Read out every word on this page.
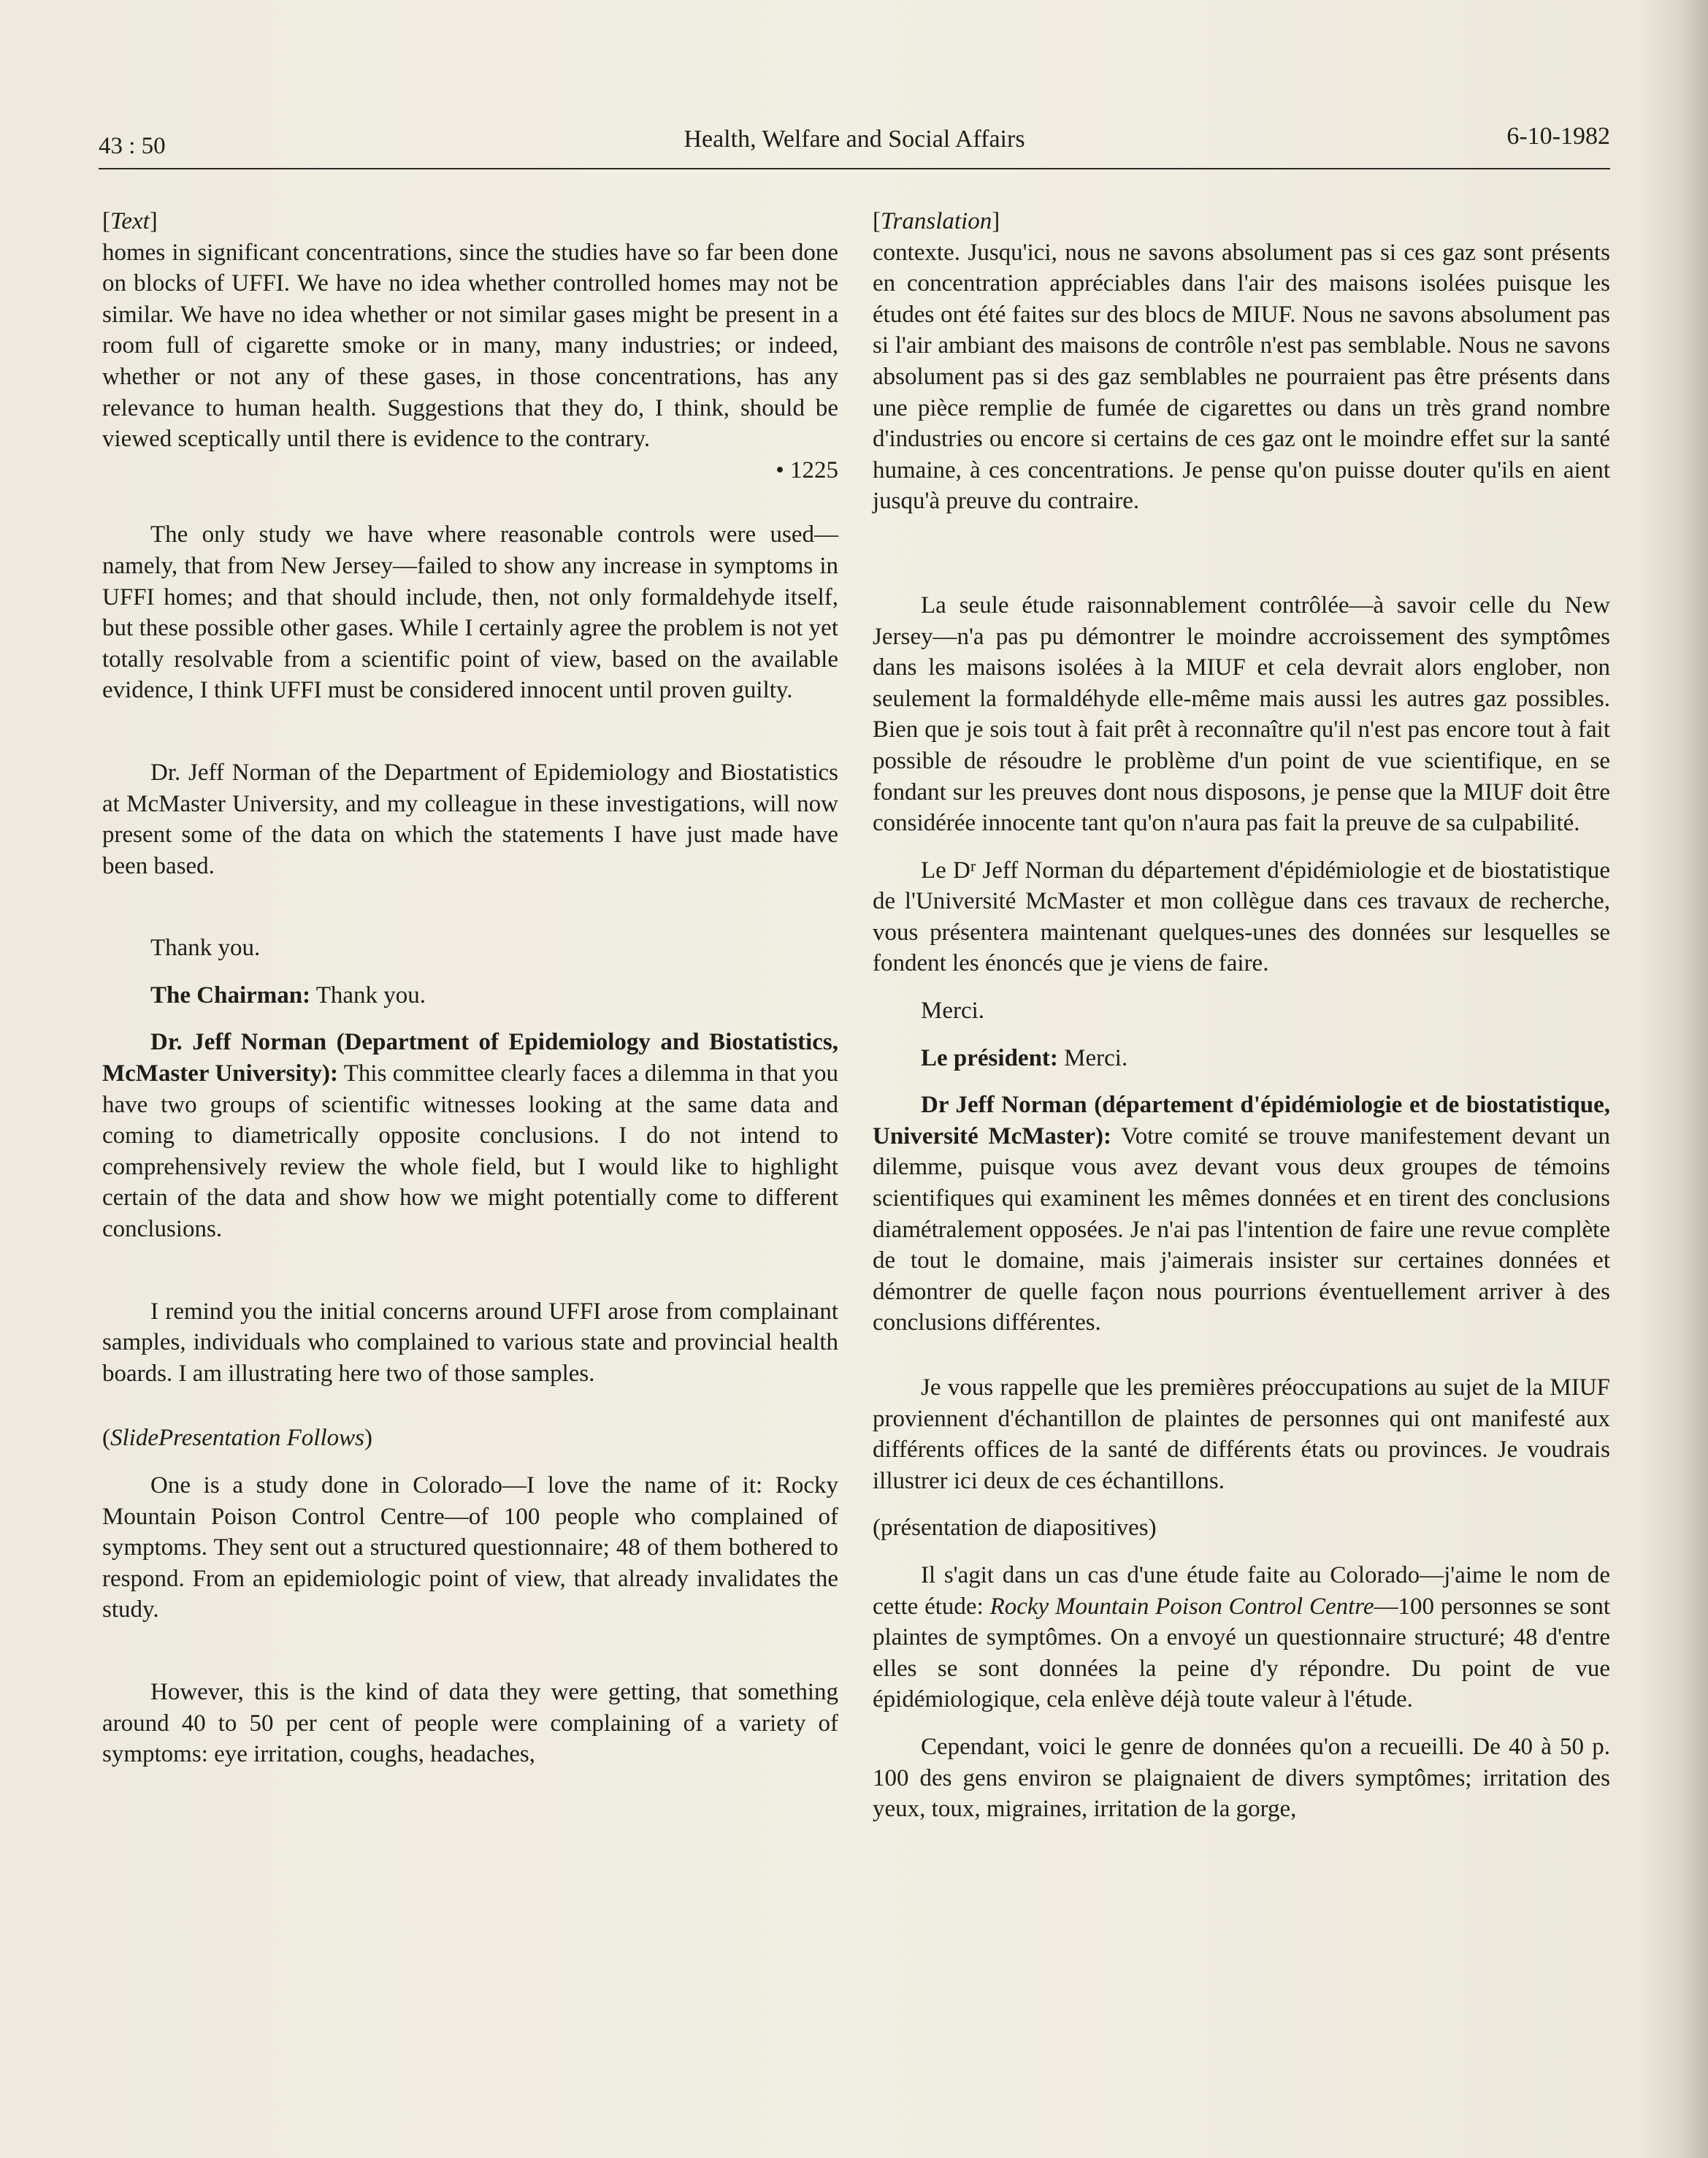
43 : 50	Health, Welfare and Social Affairs	6-10-1982

[Text]

homes in significant concentrations, since the studies have so far been done on blocks of UFFI. We have no idea whether controlled homes may not be similar. We have no idea whether or not similar gases might be present in a room full of cigarette smoke or in many, many industries; or indeed, whether or not any of these gases, in those concentrations, has any relevance to human health. Suggestions that they do, I think, should be viewed sceptically until there is evidence to the contrary.

• 1225

The only study we have where reasonable controls were used—namely, that from New Jersey—failed to show any increase in symptoms in UFFI homes; and that should include, then, not only formaldehyde itself, but these possible other gases. While I certainly agree the problem is not yet totally resolvable from a scientific point of view, based on the available evidence, I think UFFI must be considered innocent until proven guilty.

Dr. Jeff Norman of the Department of Epidemiology and Biostatistics at McMaster University, and my colleague in these investigations, will now present some of the data on which the statements I have just made have been based.

Thank you.

The Chairman: Thank you.

Dr. Jeff Norman (Department of Epidemiology and Biostatistics, McMaster University): This committee clearly faces a dilemma in that you have two groups of scientific witnesses looking at the same data and coming to diametrically opposite conclusions. I do not intend to comprehensively review the whole field, but I would like to highlight certain of the data and show how we might potentially come to different conclusions.

I remind you the initial concerns around UFFI arose from complainant samples, individuals who complained to various state and provincial health boards. I am illustrating here two of those samples.

(SlidePresentation Follows)

One is a study done in Colorado—I love the name of it: Rocky Mountain Poison Control Centre—of 100 people who complained of symptoms. They sent out a structured questionnaire; 48 of them bothered to respond. From an epidemiologic point of view, that already invalidates the study.

However, this is the kind of data they were getting, that something around 40 to 50 per cent of people were complaining of a variety of symptoms: eye irritation, coughs, headaches,

[Translation]

contexte. Jusqu'ici, nous ne savons absolument pas si ces gaz sont présents en concentration appréciables dans l'air des maisons isolées puisque les études ont été faites sur des blocs de MIUF. Nous ne savons absolument pas si l'air ambiant des maisons de contrôle n'est pas semblable. Nous ne savons absolument pas si des gaz semblables ne pourraient pas être présents dans une pièce remplie de fumée de cigarettes ou dans un très grand nombre d'industries ou encore si certains de ces gaz ont le moindre effet sur la santé humaine, à ces concentrations. Je pense qu'on puisse douter qu'ils en aient jusqu'à preuve du contraire.

La seule étude raisonnablement contrôlée—à savoir celle du New Jersey—n'a pas pu démontrer le moindre accroissement des symptômes dans les maisons isolées à la MIUF et cela devrait alors englober, non seulement la formaldéhyde elle-même mais aussi les autres gaz possibles. Bien que je sois tout à fait prêt à reconnaître qu'il n'est pas encore tout à fait possible de résoudre le problème d'un point de vue scientifique, en se fondant sur les preuves dont nous disposons, je pense que la MIUF doit être considérée innocente tant qu'on n'aura pas fait la preuve de sa culpabilité.

Le $D^r$ Jeff Norman du département d'épidémiologie et de biostatistique de l'Université McMaster et mon collègue dans ces travaux de recherche, vous présentera maintenant quelques-unes des données sur lesquelles se fondent les énoncés que je viens de faire.

Merci.

Le président: Merci.

Dr Jeff Norman (département d'épidémiologie et de biostatistique, Université McMaster): Votre comité se trouve manifestement devant un dilemme, puisque vous avez devant vous deux groupes de témoins scientifiques qui examinent les mêmes données et en tirent des conclusions diamétralement opposées. Je n'ai pas l'intention de faire une revue complète de tout le domaine, mais j'aimerais insister sur certaines données et démontrer de quelle façon nous pourrions éventuellement arriver à des conclusions différentes.

Je vous rappelle que les premières préoccupations au sujet de la MIUF proviennent d'échantillon de plaintes de personnes qui ont manifesté aux différents offices de la santé de différents états ou provinces. Je voudrais illustrer ici deux de ces échantillons.

(présentation de diapositives)

Il s'agit dans un cas d'une étude faite au Colorado—j'aime le nom de cette étude: Rocky Mountain Poison Control Centre—100 personnes se sont plaintes de symptômes. On a envoyé un questionnaire structuré; 48 d'entre elles se sont données la peine d'y répondre. Du point de vue épidémiologique, cela enlève déjà toute valeur à l'étude.

Cependant, voici le genre de données qu'on a recueilli. De 40 à 50 p. 100 des gens environ se plaignaient de divers symptômes; irritation des yeux, toux, migraines, irritation de la gorge,
